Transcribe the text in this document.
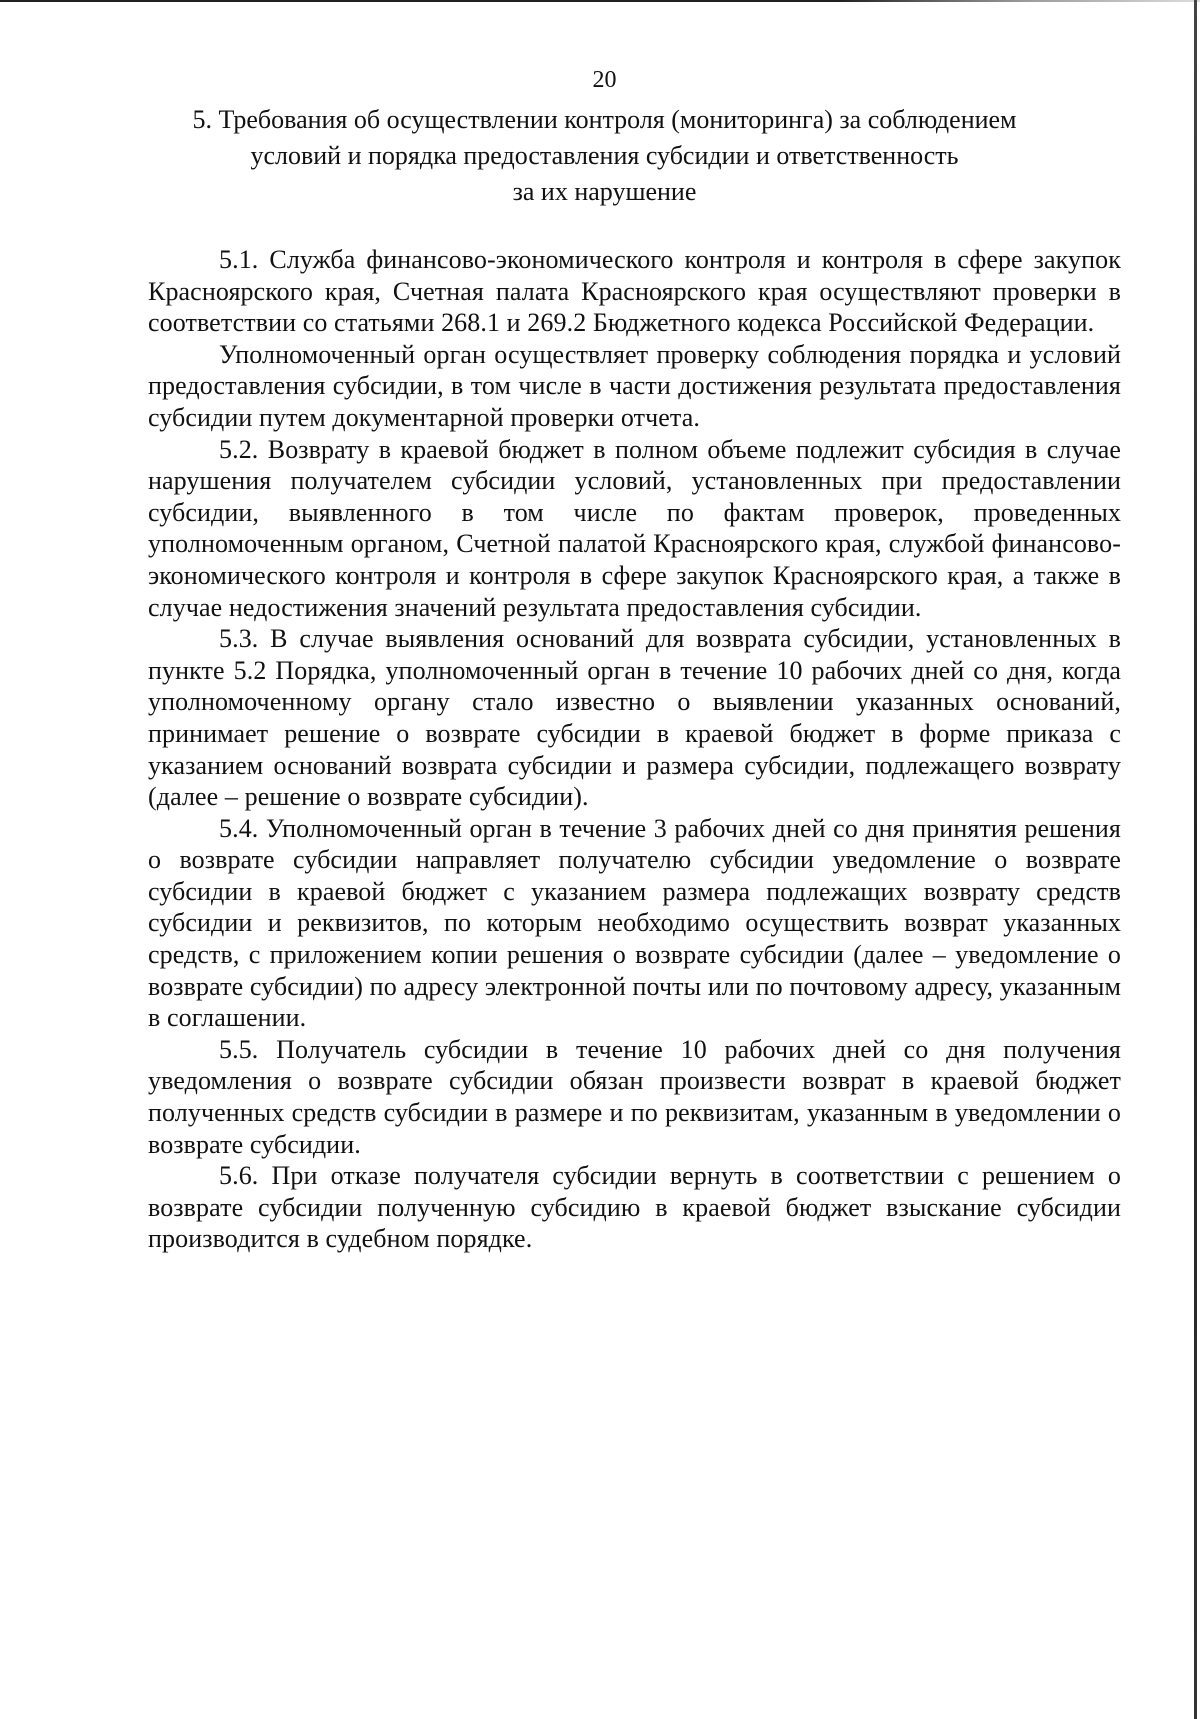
20

5. Требования об осуществлении контроля (мониторинга) за соблюдением
условий и порядка предоставления субсидии и ответственность
за их нарушение

5.1. Служба финансово-экономического контроля и контроля в сфере закупок Красноярского края, Счетная палата Красноярского края осуществляют проверки в соответствии со статьями 268.1 и 269.2 Бюджетного кодекса Российской Федерации.

Уполномоченный орган осуществляет проверку соблюдения порядка и условий предоставления субсидии, в том числе в части достижения результата предоставления субсидии путем документарной проверки отчета.

5.2. Возврату в краевой бюджет в полном объеме подлежит субсидия в случае нарушения получателем субсидии условий, установленных при предоставлении субсидии, выявленного в том числе по фактам проверок, проведенных уполномоченным органом, Счетной палатой Красноярского края, службой финансово-экономического контроля и контроля в сфере закупок Красноярского края, а также в случае недостижения значений результата предоставления субсидии.

5.3. В случае выявления оснований для возврата субсидии, установленных в пункте 5.2 Порядка, уполномоченный орган в течение 10 рабочих дней со дня, когда уполномоченному органу стало известно о выявлении указанных оснований, принимает решение о возврате субсидии в краевой бюджет в форме приказа с указанием оснований возврата субсидии и размера субсидии, подлежащего возврату (далее – решение о возврате субсидии).

5.4. Уполномоченный орган в течение 3 рабочих дней со дня принятия решения о возврате субсидии направляет получателю субсидии уведомление о возврате субсидии в краевой бюджет с указанием размера подлежащих возврату средств субсидии и реквизитов, по которым необходимо осуществить возврат указанных средств, с приложением копии решения о возврате субсидии (далее – уведомление о возврате субсидии) по адресу электронной почты или по почтовому адресу, указанным в соглашении.

5.5. Получатель субсидии в течение 10 рабочих дней со дня получения уведомления о возврате субсидии обязан произвести возврат в краевой бюджет полученных средств субсидии в размере и по реквизитам, указанным в уведомлении о возврате субсидии.

5.6. При отказе получателя субсидии вернуть в соответствии с решением о возврате субсидии полученную субсидию в краевой бюджет взыскание субсидии производится в судебном порядке.
